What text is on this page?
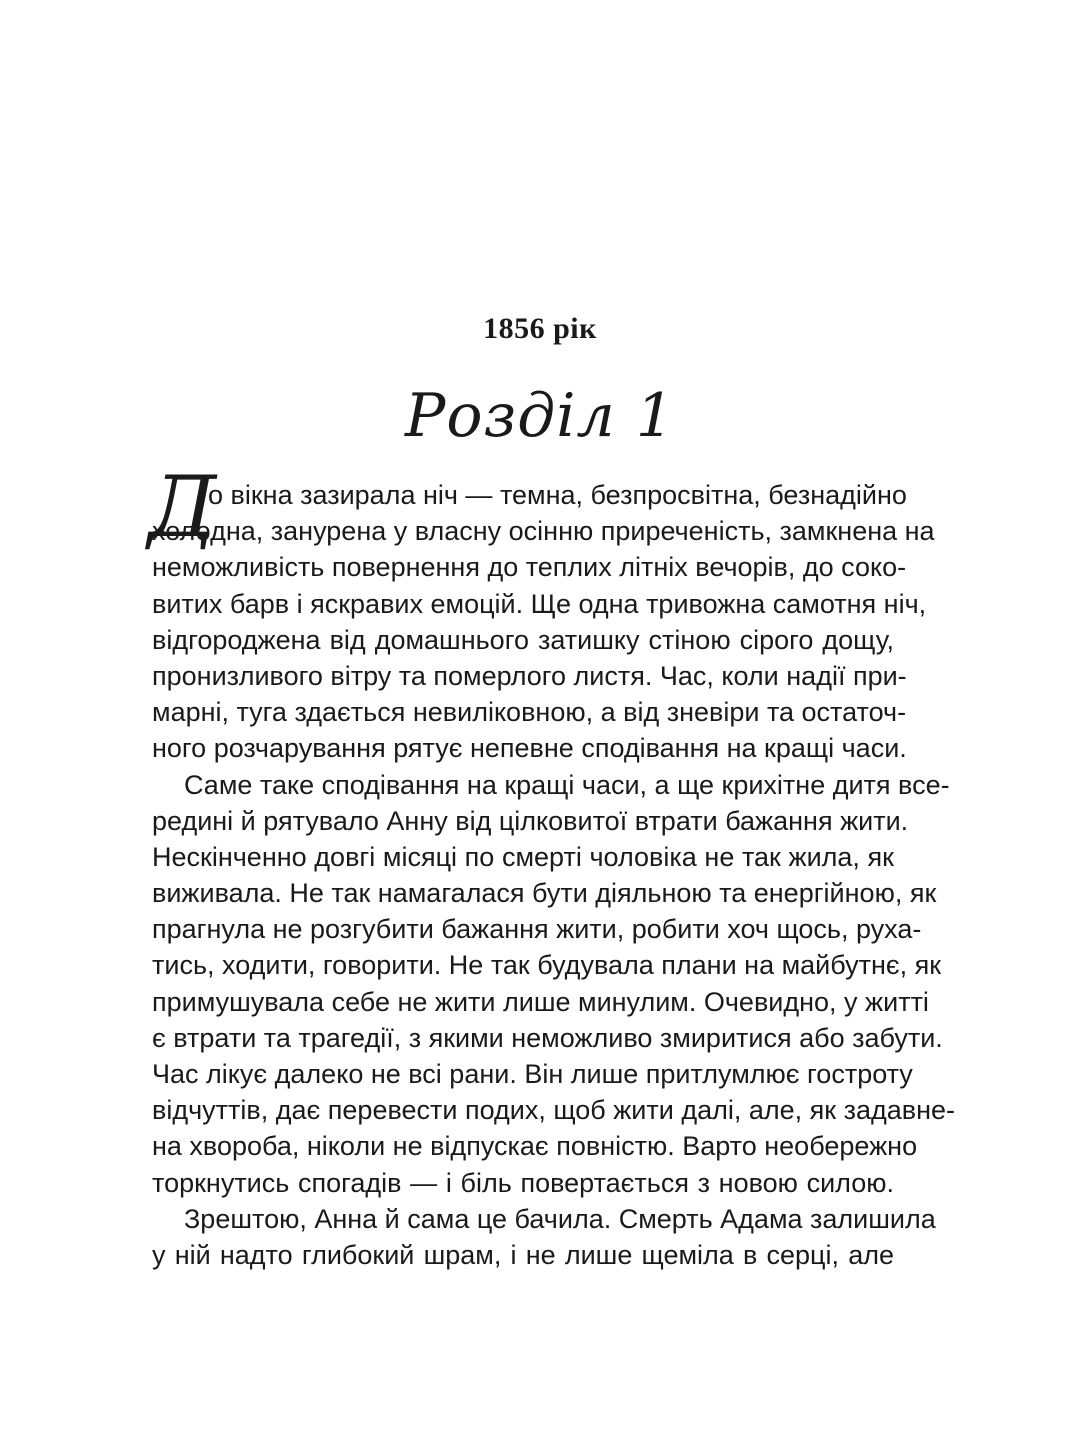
1856 рік
Розділ 1
Д
о вікна зазирала ніч — темна, безпросвітна, безнадійно
холодна, занурена у власну осінню приреченість, замкнена на
неможливість повернення до теплих літніх вечорів, до соко-
витих барв і яскравих емоцій. Ще одна тривожна самотня ніч,
відгороджена від домашнього затишку стіною сірого дощу,
пронизливого вітру та померлого листя. Час, коли надії при-
марні, туга здається невиліковною, а від зневіри та остаточ-
ного розчарування рятує непевне сподівання на кращі часи.
Саме таке сподівання на кращі часи, а ще крихітне дитя все-
редині й рятувало Анну від цілковитої втрати бажання жити.
Нескінченно довгі місяці по смерті чоловіка не так жила, як
виживала. Не так намагалася бути діяльною та енергійною, як
прагнула не розгубити бажання жити, робити хоч щось, руха-
тись, ходити, говорити. Не так будувала плани на майбутнє, як
примушувала себе не жити лише минулим. Очевидно, у житті
є втрати та трагедії, з якими неможливо змиритися або забути.
Час лікує далеко не всі рани. Він лише притлумлює гостроту
відчуттів, дає перевести подих, щоб жити далі, але, як задавне-
на хвороба, ніколи не відпускає повністю. Варто необережно
торкнутись спогадів — і біль повертається з новою силою.
Зрештою, Анна й сама це бачила. Смерть Адама залишила
у ній надто глибокий шрам, і не лише щеміла в серці, але
